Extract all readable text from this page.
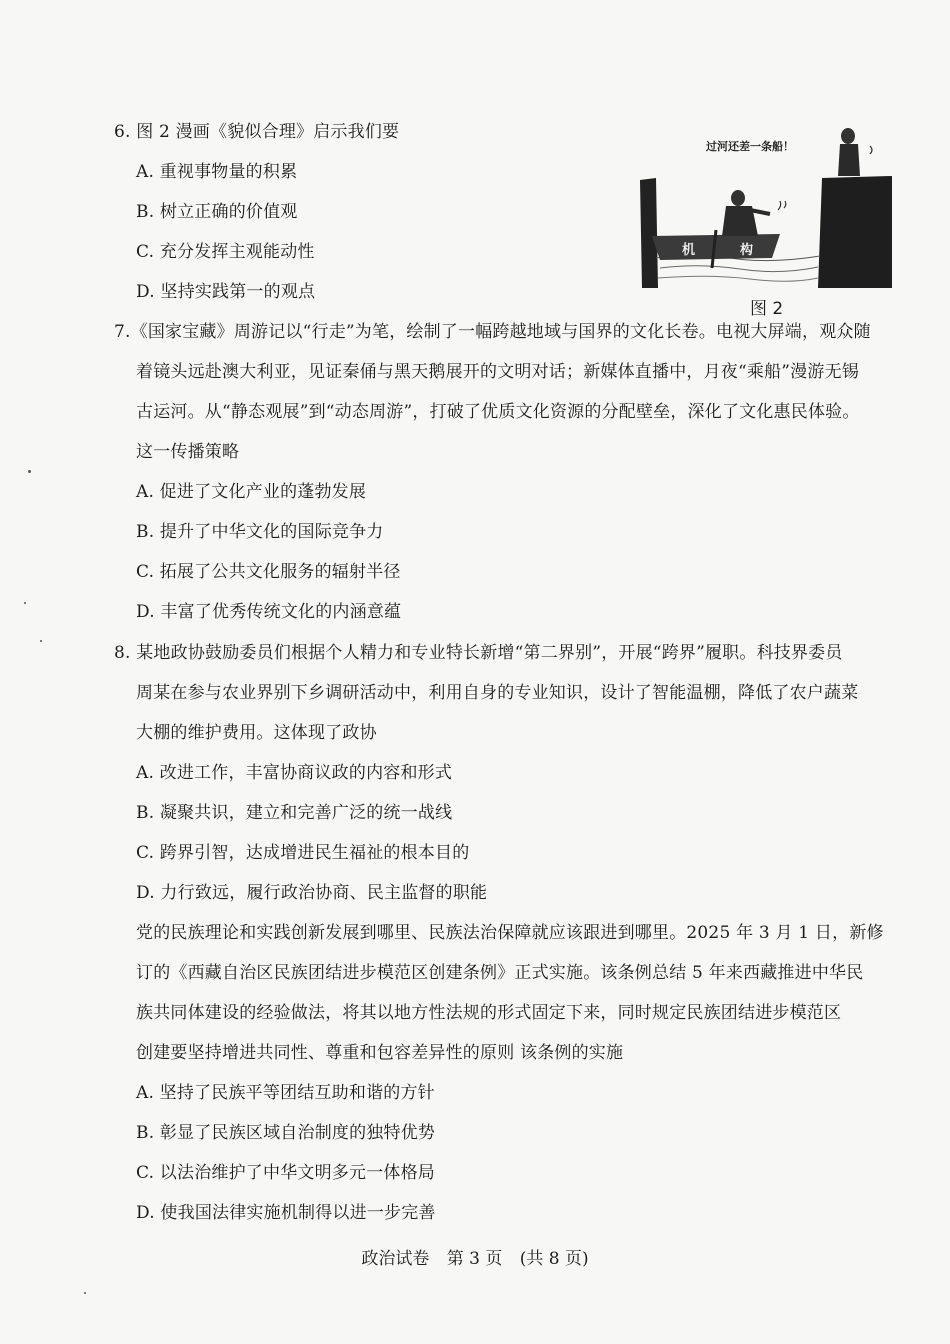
6. 图 2 漫画《貌似合理》启示我们要
A. 重视事物量的积累
B. 树立正确的价值观
C. 充分发挥主观能动性
D. 坚持实践第一的观点
过河还差一条船！
机	构
图 2
7.《国家宝藏》周游记以“行走”为笔，绘制了一幅跨越地域与国界的文化长卷。电视大屏端，观众随
着镜头远赴澳大利亚，见证秦俑与黑天鹅展开的文明对话；新媒体直播中，月夜“乘船”漫游无锡
古运河。从“静态观展”到“动态周游”，打破了优质文化资源的分配壁垒，深化了文化惠民体验。
这一传播策略
A. 促进了文化产业的蓬勃发展
B. 提升了中华文化的国际竞争力
C. 拓展了公共文化服务的辐射半径
D. 丰富了优秀传统文化的内涵意蕴
8. 某地政协鼓励委员们根据个人精力和专业特长新增“第二界别”，开展“跨界”履职。科技界委员
周某在参与农业界别下乡调研活动中，利用自身的专业知识，设计了智能温棚，降低了农户蔬菜
大棚的维护费用。这体现了政协
A. 改进工作，丰富协商议政的内容和形式
B. 凝聚共识，建立和完善广泛的统一战线
C. 跨界引智，达成增进民生福祉的根本目的
D. 力行致远，履行政治协商、民主监督的职能
党的民族理论和实践创新发展到哪里、民族法治保障就应该跟进到哪里。2025 年 3 月 1 日，新修
订的《西藏自治区民族团结进步模范区创建条例》正式实施。该条例总结 5 年来西藏推进中华民
族共同体建设的经验做法，将其以地方性法规的形式固定下来，同时规定民族团结进步模范区
创建要坚持增进共同性、尊重和包容差异性的原则 该条例的实施
A. 坚持了民族平等团结互助和谐的方针
B. 彰显了民族区域自治制度的独特优势
C. 以法治维护了中华文明多元一体格局
D. 使我国法律实施机制得以进一步完善
政治试卷 第 3 页 (共 8 页)
